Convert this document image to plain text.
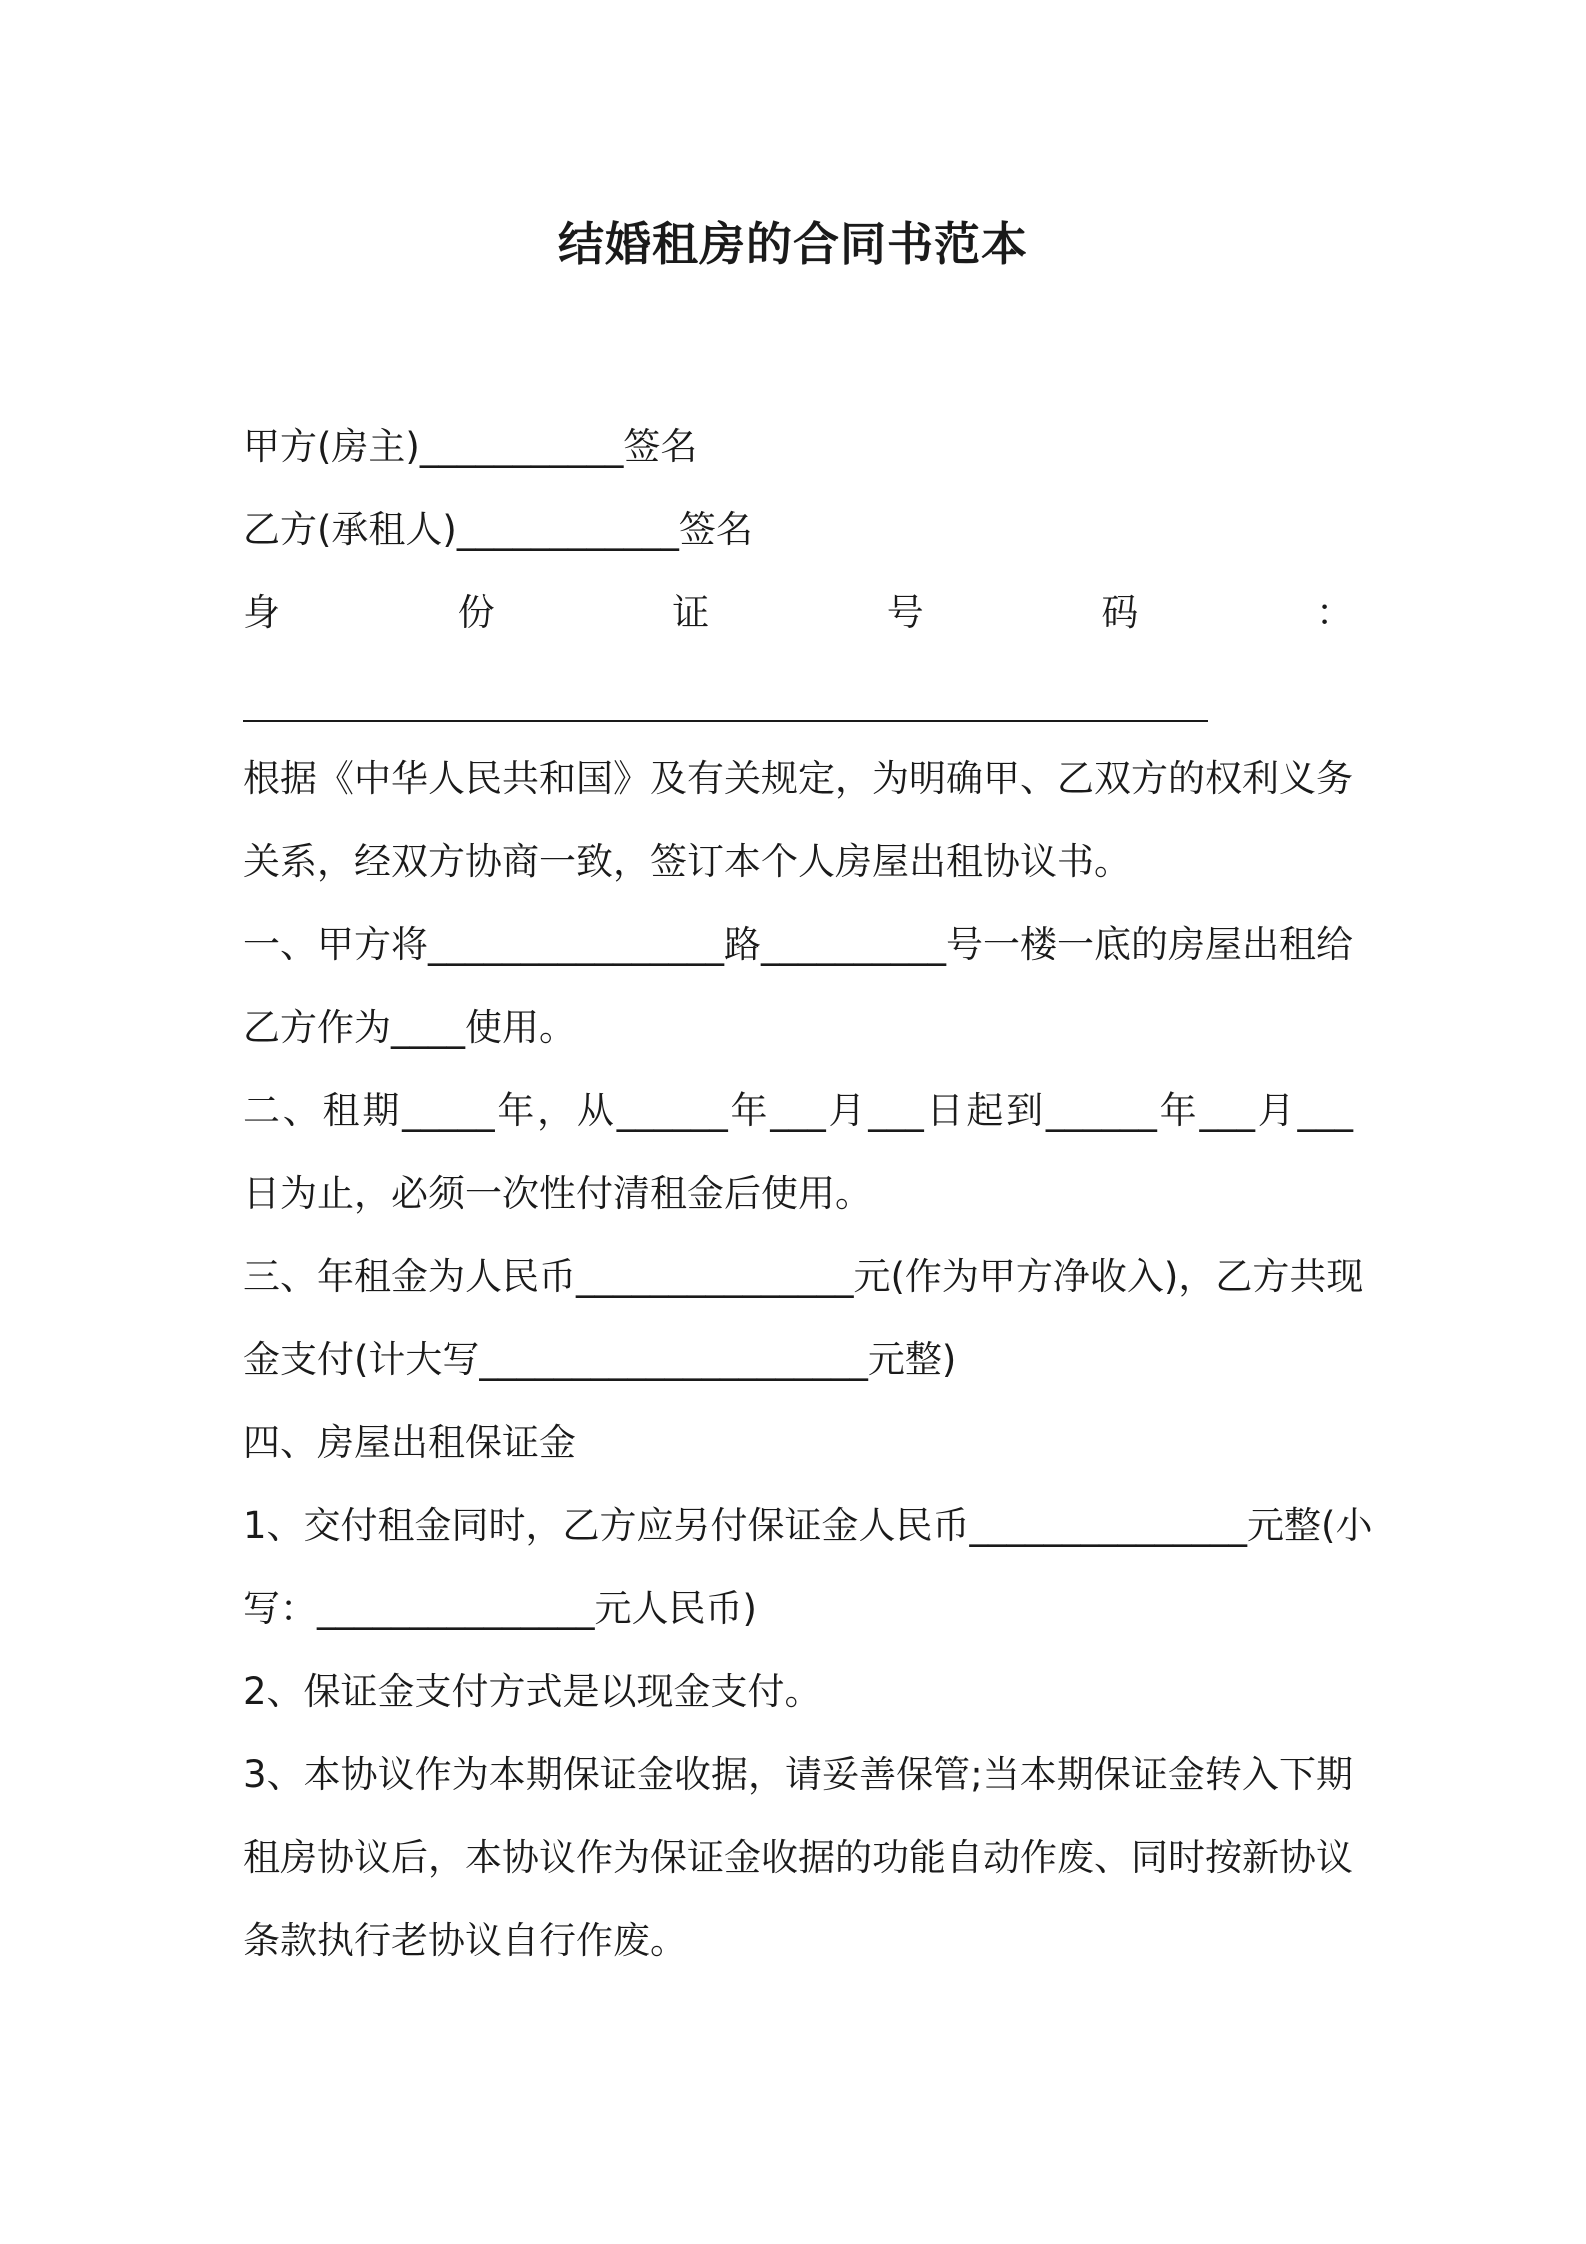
结婚租房的合同书范本
甲方(房主)___________签名
乙方(承租人)____________签名
身	份	证	号	码	：
根据《中华人民共和国》及有关规定，为明确甲、乙双方的权利义务
关系，经双方协商一致，签订本个人房屋出租协议书。
一、甲方将________________路__________号一楼一底的房屋出租给
乙方作为____使用。
二、租期_____年，从______年___月___日起到______年___月___
日为止，必须一次性付清租金后使用。
三、年租金为人民币_______________元(作为甲方净收入)，乙方共现
金支付(计大写_____________________元整)
四、房屋出租保证金
1、交付租金同时，乙方应另付保证金人民币_______________元整(小
写：_______________元人民币)
2、保证金支付方式是以现金支付。
3、本协议作为本期保证金收据，请妥善保管;当本期保证金转入下期
租房协议后，本协议作为保证金收据的功能自动作废、同时按新协议
条款执行老协议自行作废。
